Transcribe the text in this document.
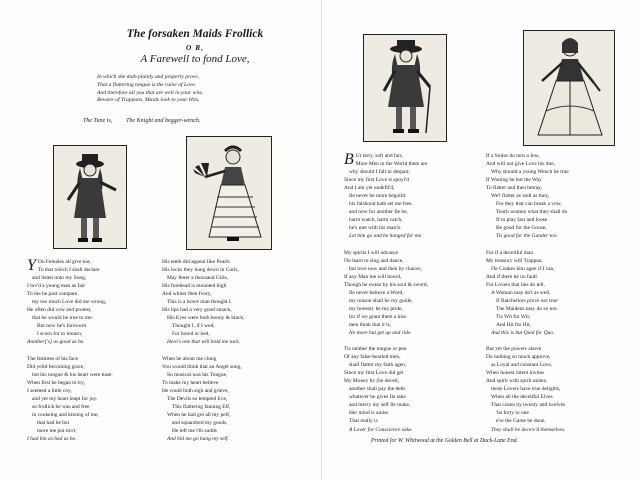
The forsaken Maids Frollick
O R,
A Farewell to fond Love,
In which she doth plainly and properly prove,
That a flattering tongue is the ruine of Love.
And therefore all you that are well in your wits,
Beware of Trappans, Maids look to your Hits.
The Tune is, The Knight and begger-wench.
Y Ou Females all give ear,
To that which I shall declare
and listen unto my Song,
I lov'd a young man as fair
To me he past compare,
my too much Love did me wrong,
He often did vow and protest,
that he would be true to me:
But now he's forsworn
I scorn for to mourn,
Another['s] as good as he.
The features of his face
Did yeild becoming grace,
but his tongue & his heart were base:
When first he began to try,
I seemed a little coy,
and yet my heart leapt for joy.
so frollick he was and free
in cookeing and kissing of me,
that had he but
more me put too't,
I had bin as bad as he.
His teeth did appear like Pearls
His locks they hung down in Curls,
May fetter a thousand Girls,
His forehead is mounted high
And whiter then Ivory,
This is a brave man thought I.
His lips had a very good smack,
His Eyes were both bonny & black,
Thought I, if I wed,
For bored or bed,
Here's one that will hold me tack.
When he about me clung
You would think that an Angel sung,
So musical was his Tongue,
To make my heart believe
He could both sigh and grieve,
The Devils so tempted Eve,
This flattering fauning Elf,
When he had got all my pelf,
and squandred my goods,
He left me i'th sudds
And bid me go hang my self.
B Ut tarry, soft and fair,
More Men in the World there are
why should I fall in despair,
Since my first Love is spoyl'd
And I am yet undefil'd,
Ile never be more beguild.
his falshood hath set me free,
and now for another Ile be,
harm watch, harm catch,
he's met with his match.
Let him go and be hanged for me.
My spirits I will advance
I'le learn to sing and dance,
but love now and then by chance,
If any Man me will boord,
Though he swear by his soul & sword,
Ile never believe a Word,
my reason shall be my guide,
my honesty be my pride,
for if we grant them a kiss
men think that it is,
No more but get up and ride.
Tis neither the tongue or pen
Of any false-hearted men,
shall flatter my faith agen,
Since my first Love did get
My Money by (he deceit,
another shall pay the debt.
whatever he gives Ile take
and merry my self Ile make,
Her mind is amiss
That really is
A Lover for Conscience sake.
If a Suitor do turn a Jew,
And will not give Love his due,
Why should a young Wench be true
If Wooing be but the Way
To flatter and then betray,
We'l flatter as well as they,
For they that can break a vow,
Teach women what they shall do
If to play fast and loose
Be good for the Goose,
Tis good for the Gander too.
For if a deceitful man
My treasury will Trappan,
I'le Coakes him agen if I can,
And if there be no fault
For Lovers that lies do tell,
A Woman may do't as well,
If Batchellors prove not true
The Maidens may do so too.
Tis Wit for Wit,
And Hit for Hit,
And this is but Quid for Quo.
But yet the powers above
Do nothing so much approve,
as Loyal and constant Love,
When honest intent invites
And spirit with spirit unites,
those Lovers have true delights,
When all the deceitful Elves
That cozen by twenty and twelves
'tis forty to one
e're the Game be done,
They shall be deceiv'd themselves.
Printed for W. Whitwood at the Golden Bell at Duck-Lane End.
